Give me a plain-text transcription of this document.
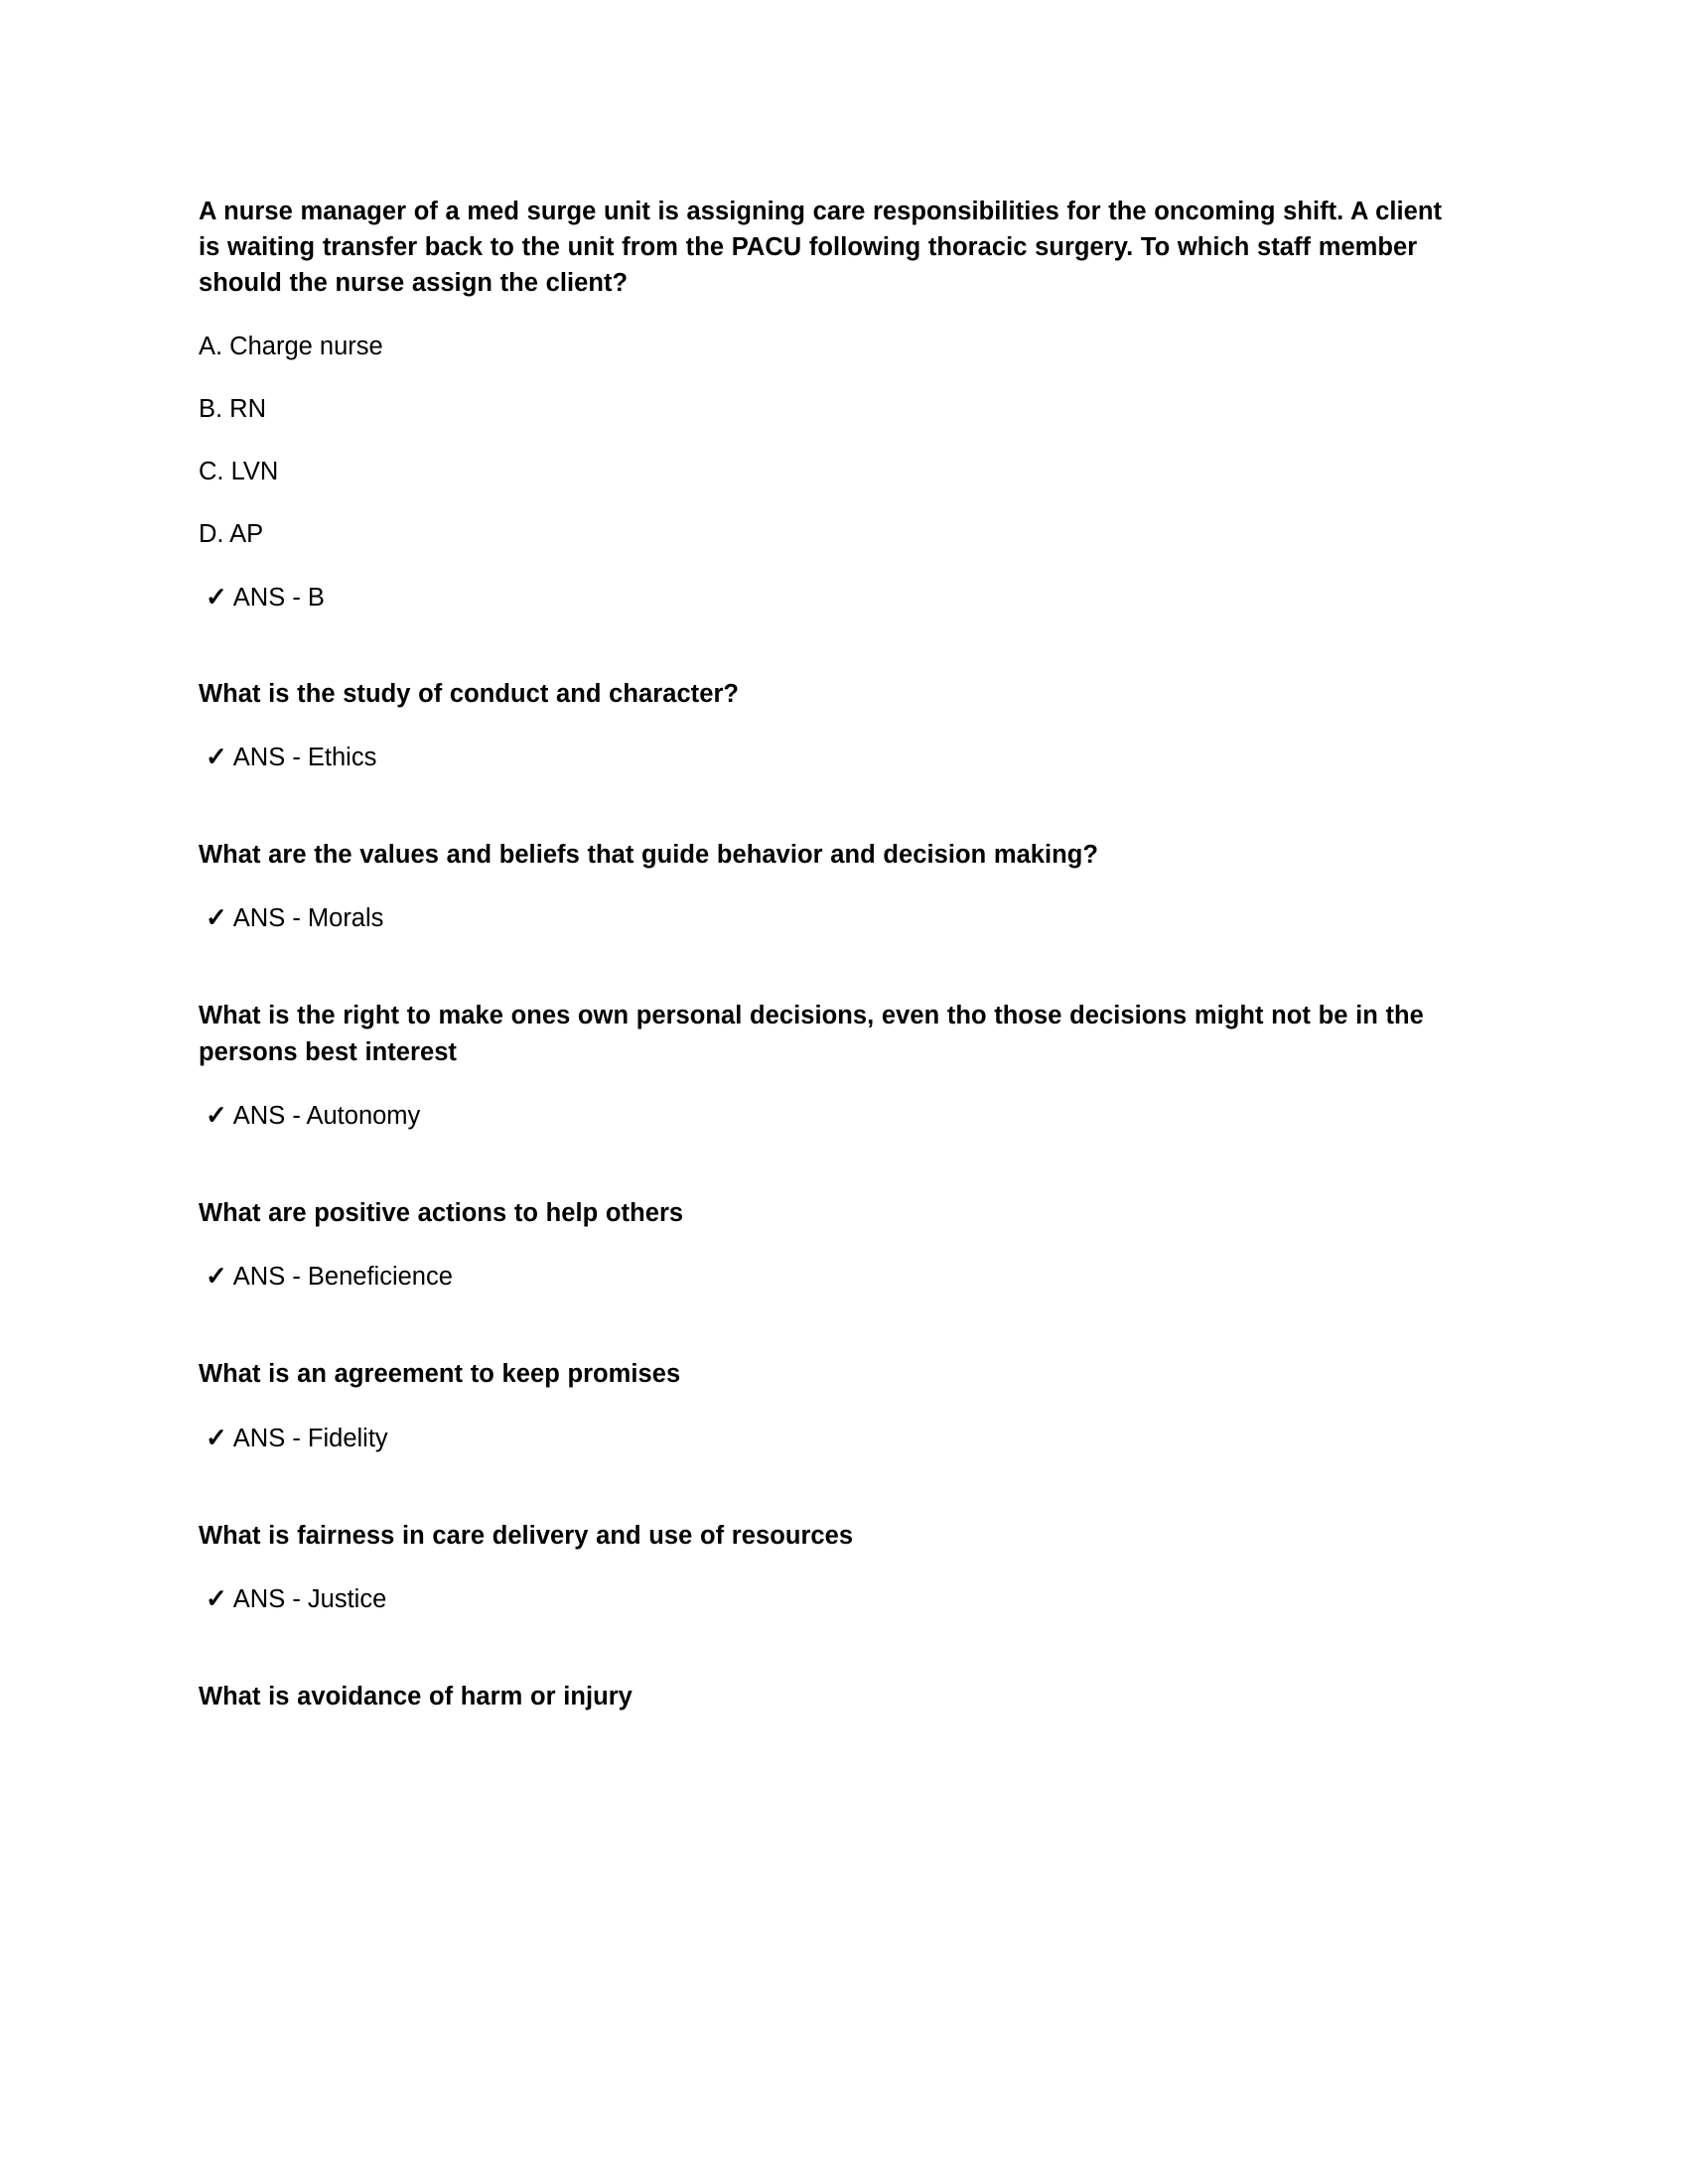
A nurse manager of a med surge unit is assigning care responsibilities for the oncoming shift. A client is waiting transfer back to the unit from the PACU following thoracic surgery. To which staff member should the nurse assign the client?

A. Charge nurse

B. RN

C. LVN

D. AP

✓ ANS - B

What is the study of conduct and character?

✓ ANS - Ethics

What are the values and beliefs that guide behavior and decision making?

✓ ANS - Morals

What is the right to make ones own personal decisions, even tho those decisions might not be in the persons best interest

✓ ANS - Autonomy

What are positive actions to help others

✓ ANS - Beneficience

What is an agreement to keep promises

✓ ANS - Fidelity

What is fairness in care delivery and use of resources

✓ ANS - Justice

What is avoidance of harm or injury
